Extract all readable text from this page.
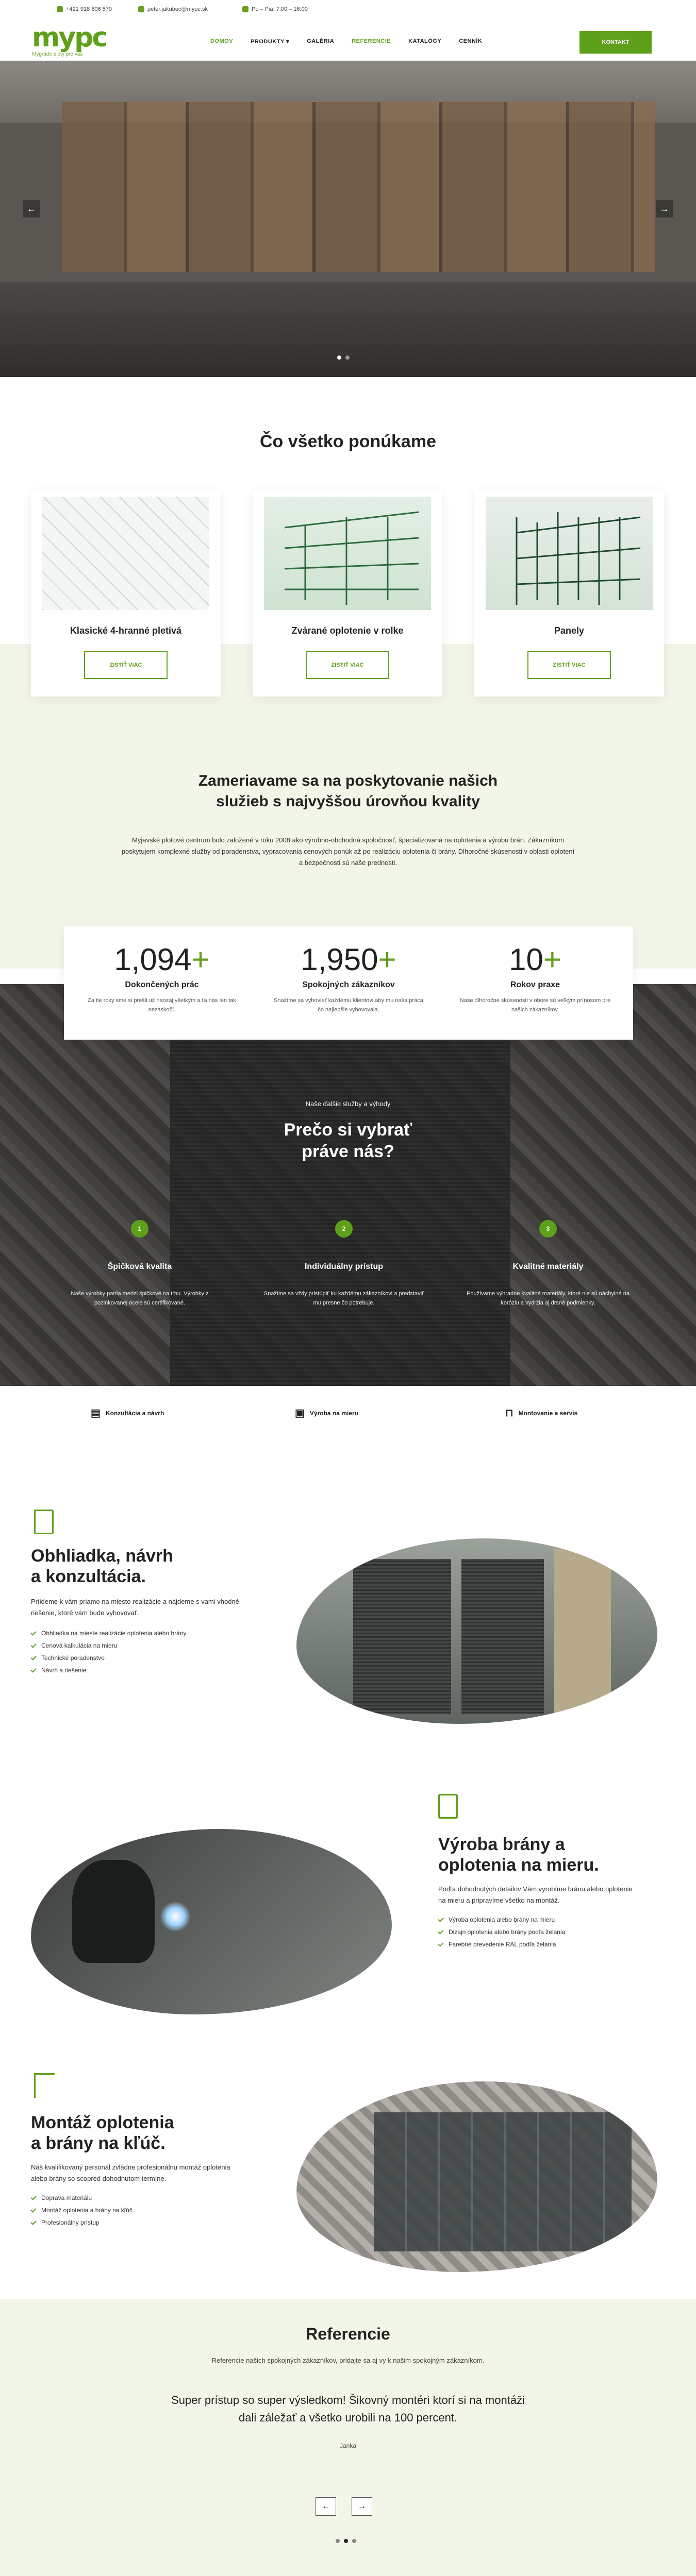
+421 918 806 570	peter.jakubec@mypc.sk	Po – Pia: 7:00 – 16:00
mypc
Mygrade ploty pre vas
DOMOV	PRODUKTY ▾	GALÉRIA	REFERENCIE	KATALÓGY	CENNÍK	KONTAKT
←	→
Čo všetko ponúkame
Klasické 4-hranné pletivá
ZISTIŤ VIAC
Zvárané oplotenie v rolke
ZISTIŤ VIAC
Panely
ZISTIŤ VIAC
Zameriavame sa na poskytovanie našich
služieb s najvyššou úrovňou kvality
Myjavské ploťové centrum bolo založené v roku 2008 ako výrobno-obchodná spoločnosť, špecializovaná na oplotenia a výrobu brán. Zákazníkom poskytujem komplexné služby od poradenstva, vypracovania cenových ponúk až po realizáciu oplotenia či brány. Dlhoročné skúsenosti v oblasti oplotení a bezpečnosti sú naše prednosti.
Naše ďalšie služby a výhody
Prečo si vybrať
práve nás?
1	2	3
Špičková kvalita	Individuálny prístup	Kvalitné materiály
Naše výrobky patria medzi špičkové na trhu. Výrobky z pozinkovanej ocele sú certifikované.
Snažíme sa vždy pristúpiť ku každému zákazníkovi a predstaviť mu presne čo potrebuje.
Používame výhradne kvalitné materiály, ktoré nie sú náchylné na koróziu a vydržia aj drsné podmienky.
1,094+
Dokončených prác
Za tie roky sme si prešli už naozaj všetkým a ťa nás len tak nezaskočí.
1,950+
Spokojných zákazníkov
Snažíme sa vyhovieť každému klientovi aby mu naša práca čo najlepšie vyhovovala.
10+
Rokov praxe
Naše dlhoročné skúsenosti v obore sú veľkým prínosom pre našich zákazníkov.
▤ Konzultácia a návrh	▣ Výroba na mieru	⊓ Montovanie a servis
Obhliadka, návrh
a konzultácia.
Príideme k vám priamo na miesto realizácie a nájdeme s vami vhodné riešenie, ktoré vám bude vyhovovať.
Obhliadka na mieste realizácie oplotenia alebo brány
Cenová kalkulácia na mieru
Technické poradenstvo
Návrh a riešenie
Výroba brány a
oplotenia na mieru.
Podľa dohodnutých detailov Vám vyrobíme bránu alebo oplotenie na mieru a pripravíme všetko na montáž.
Výroba oplotenia alebo brány na mieru
Dizajn oplotenia alebo brány podľa želania
Farebné prevedenie RAL podľa želania
Montáž oplotenia
a brány na kľúč.
Náš kvalifikovaný personál zvládne profesionálnu montáž oplotenia alebo brány so scopred dohodnutom termíne.
Doprava materiálu
Montáž oplotenia a brány na kľúč
Profesionálny prístup
Referencie
Referencie našich spokojných zákazníkov, pridajte sa aj vy k našim spokojným zákazníkom.
Super prístup so super výsledkom! Šikovný montéri ktorí si na montáži dali záležať a všetko urobili na 100 percent.
Janka
←	→
